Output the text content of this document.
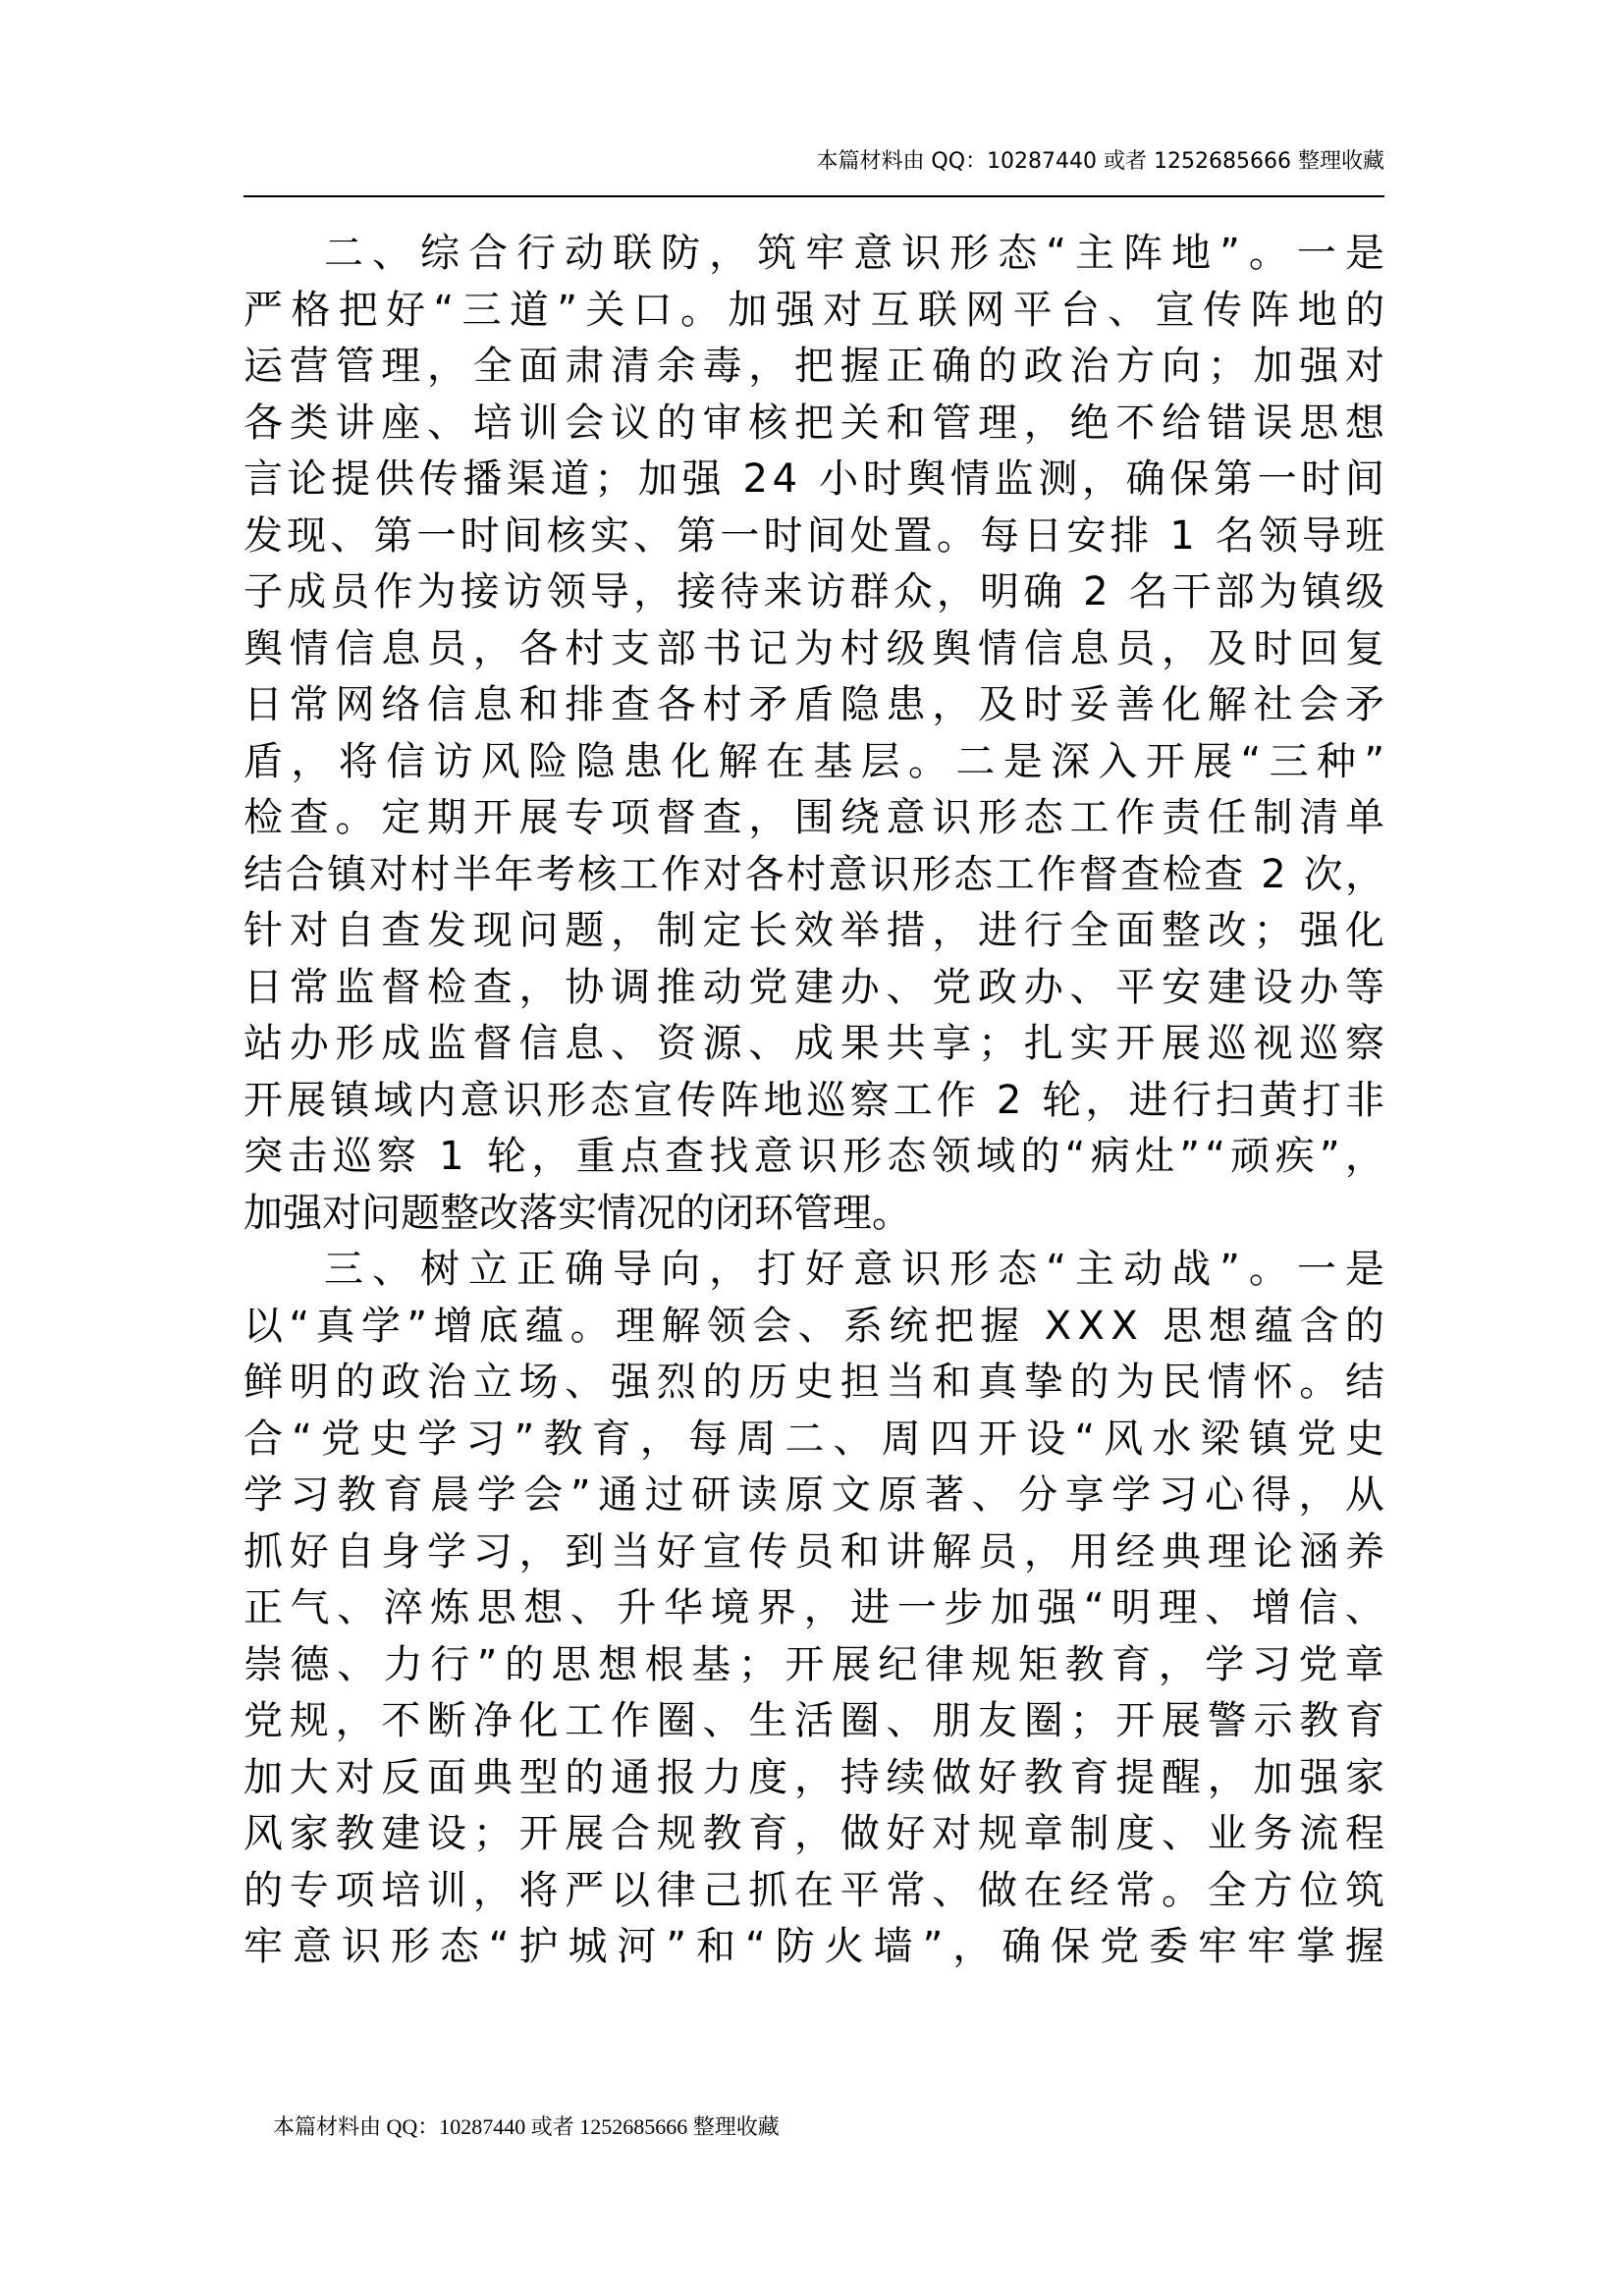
本篇材料由 QQ：10287440 或者 1252685666 整理收藏
二、综合行动联防，筑牢意识形态“主阵地”。一是
严格把好“三道”关口。加强对互联网平台、宣传阵地的
运营管理，全面肃清余毒，把握正确的政治方向；加强对
各类讲座、培训会议的审核把关和管理，绝不给错误思想
言论提供传播渠道；加强 24 小时舆情监测，确保第一时间
发现、第一时间核实、第一时间处置。每日安排 1 名领导班
子成员作为接访领导，接待来访群众，明确 2 名干部为镇级
舆情信息员，各村支部书记为村级舆情信息员，及时回复
日常网络信息和排查各村矛盾隐患，及时妥善化解社会矛
盾，将信访风险隐患化解在基层。二是深入开展“三种”
检查。定期开展专项督查，围绕意识形态工作责任制清单
结合镇对村半年考核工作对各村意识形态工作督查检查 2 次，
针对自查发现问题，制定长效举措，进行全面整改；强化
日常监督检查，协调推动党建办、党政办、平安建设办等
站办形成监督信息、资源、成果共享；扎实开展巡视巡察
开展镇域内意识形态宣传阵地巡察工作 2 轮，进行扫黄打非
突击巡察 1 轮，重点查找意识形态领域的“病灶”“顽疾”，
加强对问题整改落实情况的闭环管理。
三、树立正确导向，打好意识形态“主动战”。一是
以“真学”增底蕴。理解领会、系统把握 XXX 思想蕴含的
鲜明的政治立场、强烈的历史担当和真挚的为民情怀。结
合“党史学习”教育，每周二、周四开设“风水梁镇党史
学习教育晨学会”通过研读原文原著、分享学习心得，从
抓好自身学习，到当好宣传员和讲解员，用经典理论涵养
正气、淬炼思想、升华境界，进一步加强“明理、增信、
崇德、力行”的思想根基；开展纪律规矩教育，学习党章
党规，不断净化工作圈、生活圈、朋友圈；开展警示教育
加大对反面典型的通报力度，持续做好教育提醒，加强家
风家教建设；开展合规教育，做好对规章制度、业务流程
的专项培训，将严以律己抓在平常、做在经常。全方位筑
牢意识形态“护城河”和“防火墙”，确保党委牢牢掌握
本篇材料由 QQ：10287440 或者 1252685666 整理收藏
